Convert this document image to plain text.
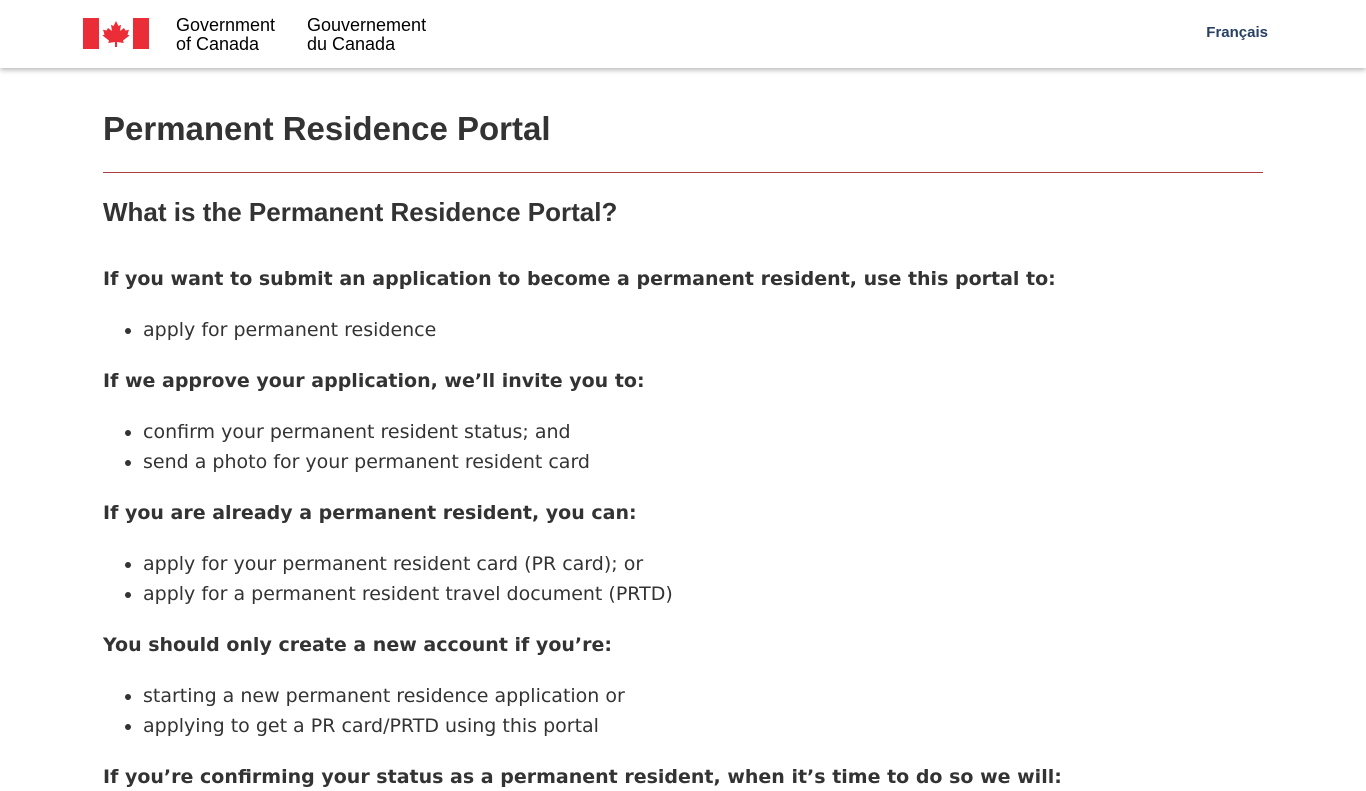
Government
of Canada
Gouvernement
du Canada
Français
Permanent Residence Portal
What is the Permanent Residence Portal?

If you want to submit an application to become a permanent resident, use this portal to:

• apply for permanent residence

If we approve your application, we’ll invite you to:

• confirm your permanent resident status; and
• send a photo for your permanent resident card

If you are already a permanent resident, you can:

• apply for your permanent resident card (PR card); or
• apply for a permanent resident travel document (PRTD)

You should only create a new account if you’re:

• starting a new permanent residence application or
• applying to get a PR card/PRTD using this portal

If you’re confirming your status as a permanent resident, when it’s time to do so we will:
